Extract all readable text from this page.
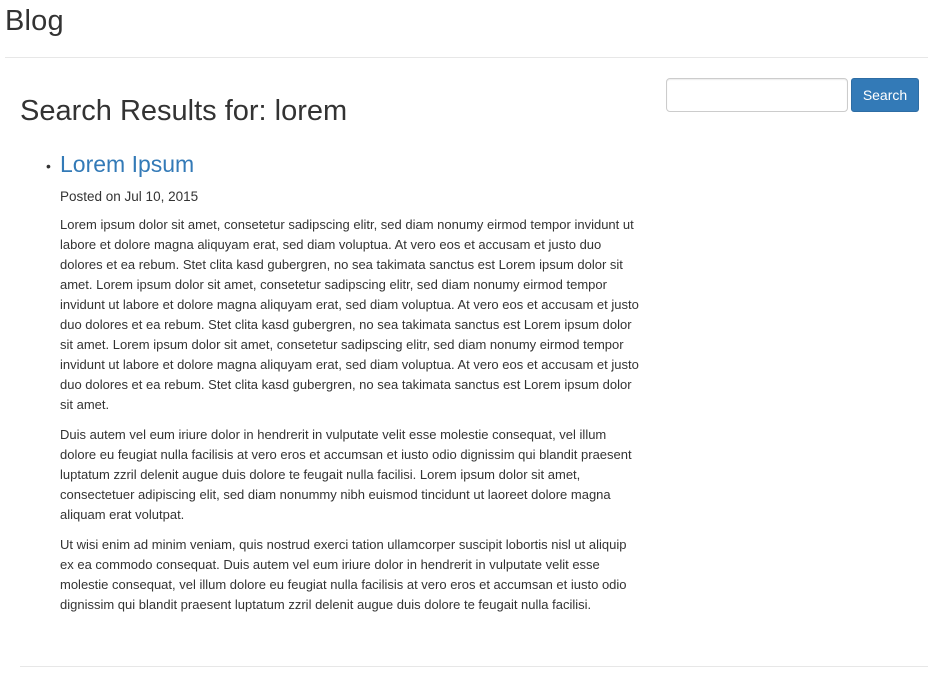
Blog
Search
Search Results for: lorem
• Lorem Ipsum
Posted on Jul 10, 2015

Lorem ipsum dolor sit amet, consetetur sadipscing elitr, sed diam nonumy eirmod tempor invidunt ut labore et dolore magna aliquyam erat, sed diam voluptua. At vero eos et accusam et justo duo dolores et ea rebum. Stet clita kasd gubergren, no sea takimata sanctus est Lorem ipsum dolor sit amet. Lorem ipsum dolor sit amet, consetetur sadipscing elitr, sed diam nonumy eirmod tempor invidunt ut labore et dolore magna aliquyam erat, sed diam voluptua. At vero eos et accusam et justo duo dolores et ea rebum. Stet clita kasd gubergren, no sea takimata sanctus est Lorem ipsum dolor sit amet. Lorem ipsum dolor sit amet, consetetur sadipscing elitr, sed diam nonumy eirmod tempor invidunt ut labore et dolore magna aliquyam erat, sed diam voluptua. At vero eos et accusam et justo duo dolores et ea rebum. Stet clita kasd gubergren, no sea takimata sanctus est Lorem ipsum dolor sit amet.

Duis autem vel eum iriure dolor in hendrerit in vulputate velit esse molestie consequat, vel illum dolore eu feugiat nulla facilisis at vero eros et accumsan et iusto odio dignissim qui blandit praesent luptatum zzril delenit augue duis dolore te feugait nulla facilisi. Lorem ipsum dolor sit amet, consectetuer adipiscing elit, sed diam nonummy nibh euismod tincidunt ut laoreet dolore magna aliquam erat volutpat.

Ut wisi enim ad minim veniam, quis nostrud exerci tation ullamcorper suscipit lobortis nisl ut aliquip ex ea commodo consequat. Duis autem vel eum iriure dolor in hendrerit in vulputate velit esse molestie consequat, vel illum dolore eu feugiat nulla facilisis at vero eros et accumsan et iusto odio dignissim qui blandit praesent luptatum zzril delenit augue duis dolore te feugait nulla facilisi.
